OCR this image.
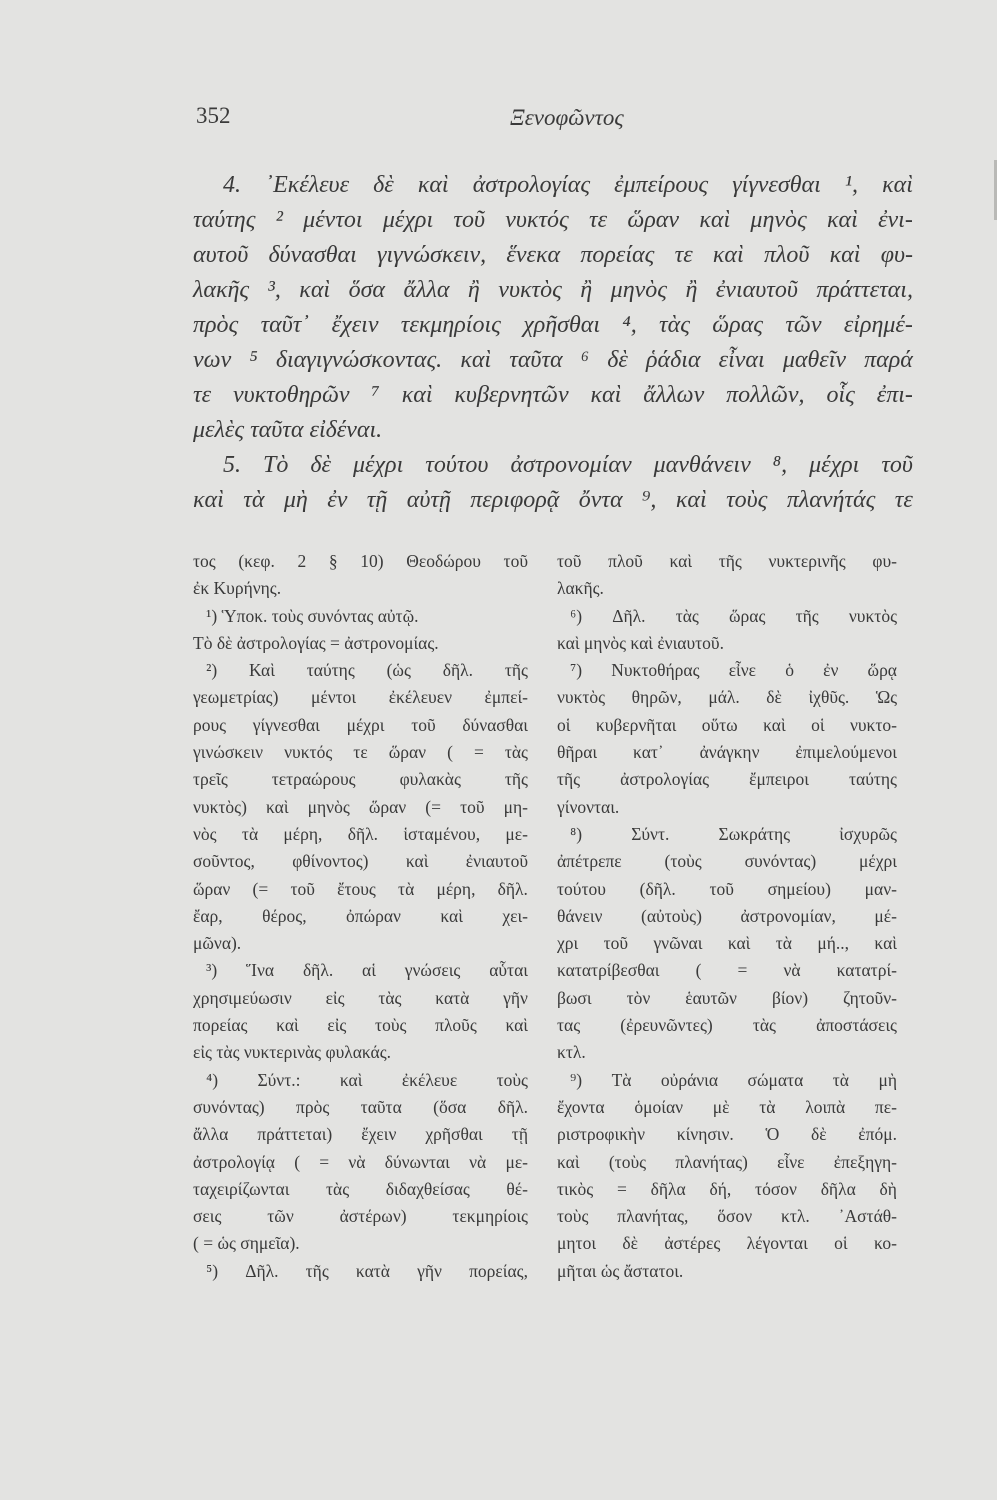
352	Ξενοφῶντος
4. ᾿Εκέλευε δὲ καὶ ἀστρολογίας ἐμπείρους γίγνεσθαι ¹, καὶ
ταύτης ² μέντοι μέχρι τοῦ νυκτός τε ὥραν καὶ μηνὸς καὶ ἐνι-
αυτοῦ δύνασθαι γιγνώσκειν, ἕνεκα πορείας τε καὶ πλοῦ καὶ φυ-
λακῆς ³, καὶ ὅσα ἄλλα ἢ νυκτὸς ἢ μηνὸς ἢ ἐνιαυτοῦ πράττεται,
πρὸς ταῦτ᾿ ἔχειν τεκμηρίοις χρῆσθαι ⁴, τὰς ὥρας τῶν εἰρημέ-
νων ⁵ διαγιγνώσκοντας. καὶ ταῦτα ⁶ δὲ ῥάδια εἶναι μαθεῖν παρά
τε νυκτοθηρῶν ⁷ καὶ κυβερνητῶν καὶ ἄλλων πολλῶν, οἷς ἐπι-
μελὲς ταῦτα εἰδέναι.
5. Τὸ δὲ μέχρι τούτου ἀστρονομίαν μανθάνειν ⁸, μέχρι τοῦ
καὶ τὰ μὴ ἐν τῇ αὐτῇ περιφορᾷ ὄντα ⁹, καὶ τοὺς πλανήτάς τε
τος (κεφ. 2 § 10) Θεοδώρου τοῦ
ἐκ Κυρήνης.
¹) Ὑποκ. τοὺς συνόντας αὐτῷ.
Τὸ δὲ ἀστρολογίας = ἀστρονομίας.
²) Καὶ ταύτης (ὡς δῆλ. τῆς
γεωμετρίας) μέντοι ἐκέλευεν ἐμπεί-
ρους γίγνεσθαι μέχρι τοῦ δύνασθαι
γινώσκειν νυκτός τε ὥραν ( = τὰς
τρεῖς	τετραώρους	φυλακὰς	τῆς
νυκτὸς) καὶ μηνὸς ὥραν (= τοῦ μη-
νὸς τὰ μέρη, δῆλ. ἱσταμένου, με-
σοῦντος, φθίνοντος) καὶ ἐνιαυτοῦ
ὥραν (= τοῦ ἔτους τὰ μέρη, δῆλ.
ἔαρ, θέρος, ὀπώραν καὶ χει-
μῶνα).
³) Ἵνα δῆλ. αἱ γνώσεις αὗται
χρησιμεύωσιν εἰς τὰς κατὰ γῆν
πορείας καὶ εἰς τοὺς πλοῦς καὶ
εἰς τὰς νυκτερινὰς φυλακάς.
⁴) Σύντ.: καὶ ἐκέλευε τοὺς
συνόντας) πρὸς ταῦτα (ὅσα δῆλ.
ἄλλα πράττεται) ἔχειν χρῆσθαι τῇ
ἀστρολογίᾳ ( = νὰ δύνωνται νὰ με-
ταχειρίζωνται τὰς διδαχθείσας θέ-
σεις	τῶν	ἀστέρων)	τεκμηρίοις
( = ὡς σημεῖα).
⁵) Δῆλ. τῆς κατὰ γῆν πορείας,
τοῦ πλοῦ καὶ τῆς νυκτερινῆς φυ-
λακῆς.
⁶) Δῆλ. τὰς ὥρας τῆς νυκτὸς
καὶ μηνὸς καὶ ἐνιαυτοῦ.
⁷) Νυκτοθήρας εἶνε ὁ ἐν ὥρᾳ
νυκτὸς θηρῶν, μάλ. δὲ ἰχθῦς. Ὡς
οἱ κυβερνῆται οὕτω καὶ οἱ νυκτο-
θῆραι κατ᾿ ἀνάγκην ἐπιμελούμενοι
τῆς ἀστρολογίας ἔμπειροι ταύτης
γίνονται.
⁸)	Σύντ.	Σωκράτης	ἰσχυρῶς
ἀπέτρεπε (τοὺς συνόντας) μέχρι
τούτου (δῆλ. τοῦ σημείου) μαν-
θάνειν (αὐτοὺς) ἀστρονομίαν, μέ-
χρι τοῦ γνῶναι καὶ τὰ μή.., καὶ
κατατρίβεσθαι ( = νὰ κατατρί-
βωσι τὸν ἑαυτῶν βίον) ζητοῦν-
τας (ἐρευνῶντες) τὰς ἀποστάσεις
κτλ.
⁹) Τὰ οὐράνια σώματα τὰ μὴ
ἔχοντα ὁμοίαν μὲ τὰ λοιπὰ πε-
ριστροφικὴν κίνησιν. Ὁ δὲ ἐπόμ.
καὶ (τοὺς πλανήτας) εἶνε ἐπεξηγη-
τικὸς = δῆλα δή, τόσον δῆλα δὴ
τοὺς πλανήτας, ὅσον κτλ. ᾿Αστάθ-
μητοι δὲ ἀστέρες λέγονται οἱ κο-
μῆται ὡς ἄστατοι.
